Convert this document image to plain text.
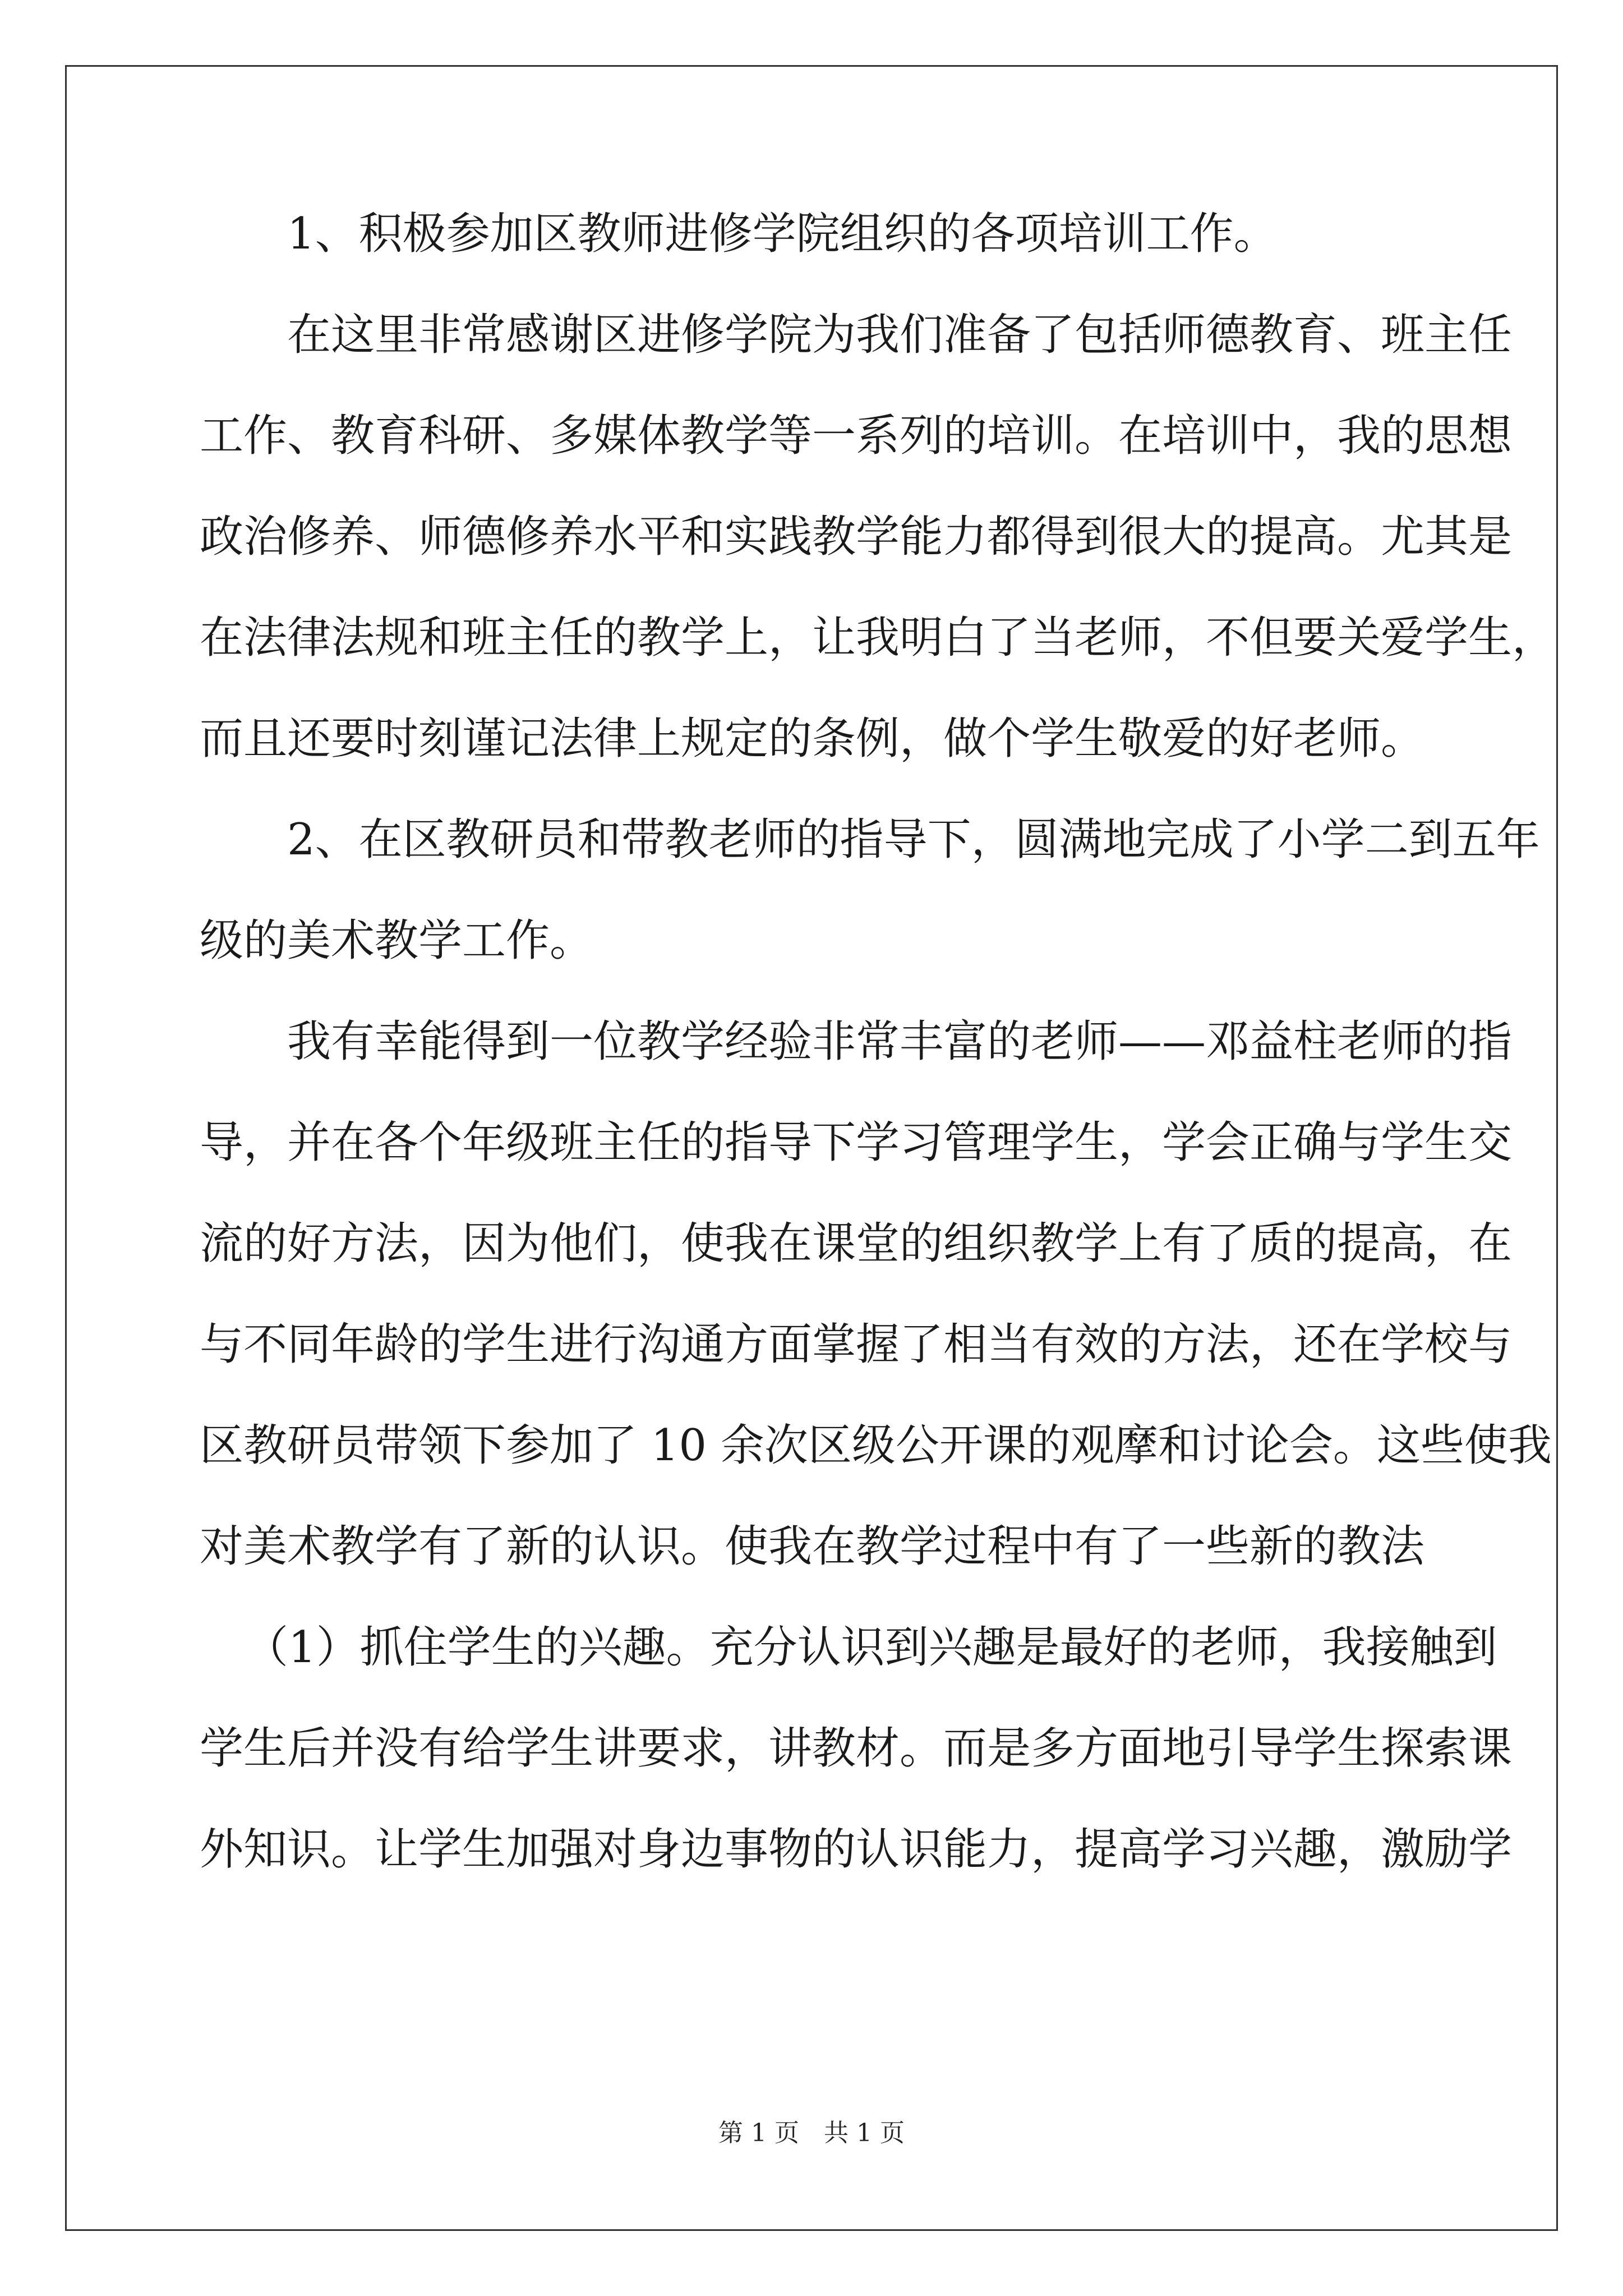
1、积极参加区教师进修学院组织的各项培训工作。
在这里非常感谢区进修学院为我们准备了包括师德教育、班主任
工作、教育科研、多媒体教学等一系列的培训。在培训中，我的思想
政治修养、师德修养水平和实践教学能力都得到很大的提高。尤其是
在法律法规和班主任的教学上，让我明白了当老师，不但要关爱学生，
而且还要时刻谨记法律上规定的条例，做个学生敬爱的好老师。
2、在区教研员和带教老师的指导下，圆满地完成了小学二到五年
级的美术教学工作。
我有幸能得到一位教学经验非常丰富的老师——邓益柱老师的指
导，并在各个年级班主任的指导下学习管理学生，学会正确与学生交
流的好方法，因为他们，使我在课堂的组织教学上有了质的提高，在
与不同年龄的学生进行沟通方面掌握了相当有效的方法，还在学校与
区教研员带领下参加了 10 余次区级公开课的观摩和讨论会。这些使我
对美术教学有了新的认识。使我在教学过程中有了一些新的教法
（1）抓住学生的兴趣。充分认识到兴趣是最好的老师，我接触到
学生后并没有给学生讲要求，讲教材。而是多方面地引导学生探索课
外知识。让学生加强对身边事物的认识能力，提高学习兴趣，激励学
第 1 页　共 1 页
